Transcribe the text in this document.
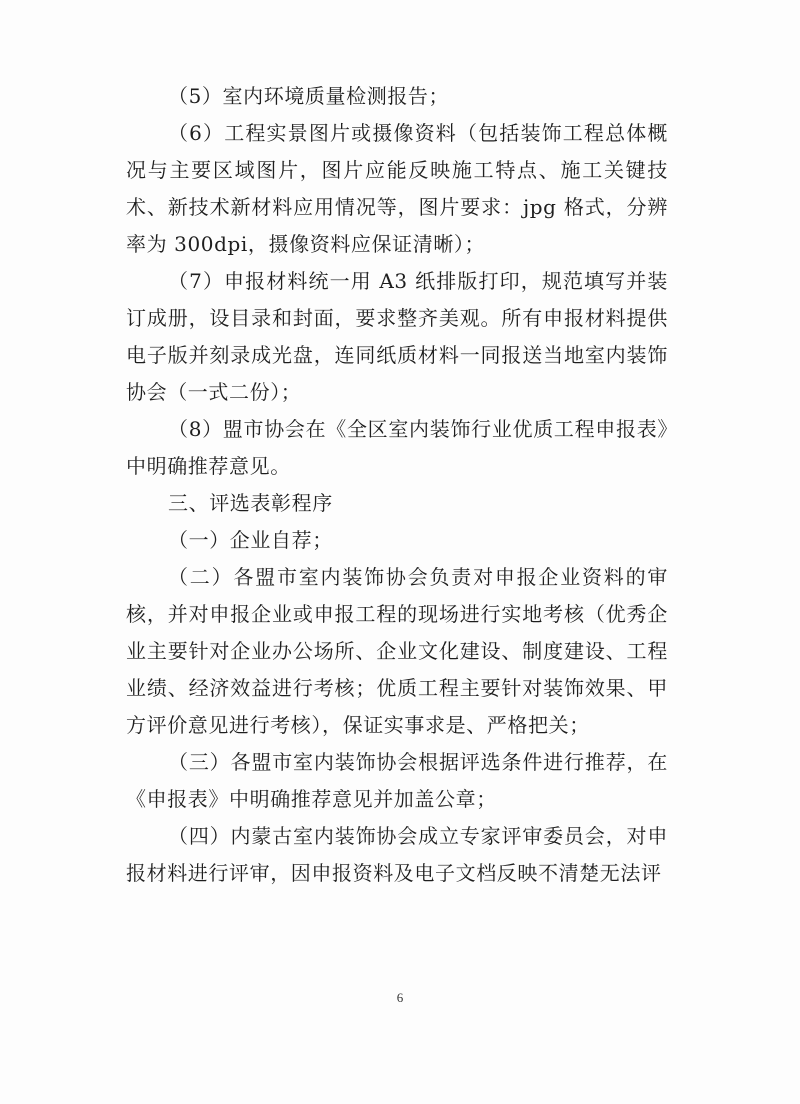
（5）室内环境质量检测报告；

（6）工程实景图片或摄像资料（包括装饰工程总体概况与主要区域图片，图片应能反映施工特点、施工关键技术、新技术新材料应用情况等，图片要求：jpg 格式，分辨率为 300dpi，摄像资料应保证清晰）；

（7）申报材料统一用 A3 纸排版打印，规范填写并装订成册，设目录和封面，要求整齐美观。所有申报材料提供电子版并刻录成光盘，连同纸质材料一同报送当地室内装饰协会（一式二份）；

（8）盟市协会在《全区室内装饰行业优质工程申报表》中明确推荐意见。

三、评选表彰程序

（一）企业自荐；

（二）各盟市室内装饰协会负责对申报企业资料的审核，并对申报企业或申报工程的现场进行实地考核（优秀企业主要针对企业办公场所、企业文化建设、制度建设、工程业绩、经济效益进行考核；优质工程主要针对装饰效果、甲方评价意见进行考核），保证实事求是、严格把关；

（三）各盟市室内装饰协会根据评选条件进行推荐，在《申报表》中明确推荐意见并加盖公章；

（四）内蒙古室内装饰协会成立专家评审委员会，对申报材料进行评审，因申报资料及电子文档反映不清楚无法评

6
